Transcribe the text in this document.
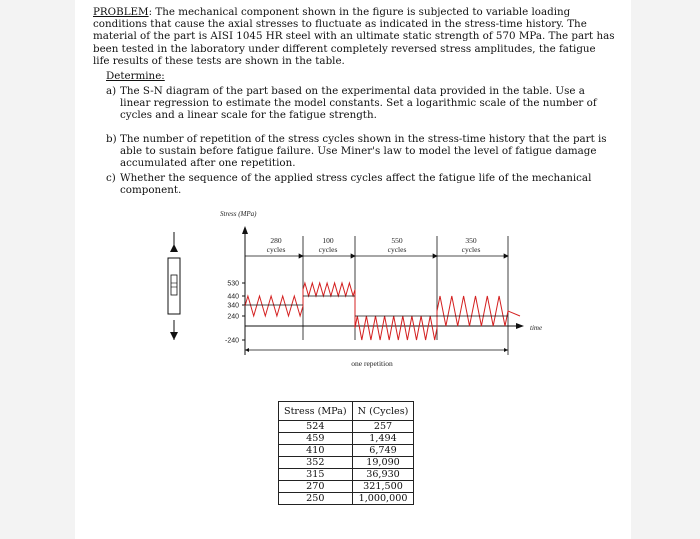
PROBLEM: The mechanical component shown in the figure is subjected to variable loading conditions that cause the axial stresses to fluctuate as indicated in the stress-time history. The material of the part is AISI 1045 HR steel with an ultimate static strength of 570 MPa. The part has been tested in the laboratory under different completely reversed stress amplitudes, the fatigue life results of these tests are shown in the table.
Determine:
a) The S-N diagram of the part based on the experimental data provided in the table. Use a linear regression to estimate the model constants. Set a logarithmic scale of the number of cycles and a linear scale for the fatigue strength.
b) The number of repetition of the stress cycles shown in the stress-time history that the part is able to sustain before fatigue failure. Use Miner's law to model the level of fatigue damage accumulated after one repetition.
c) Whether the sequence of the applied stress cycles affect the fatigue life of the mechanical component.
Stress (MPa)
time
530
440
340
240
-240
280
cycles
100
cycles
550
cycles
350
cycles
one repetition
Stress (MPa)	N (Cycles)
524	257
459	1,494
410	6,749
352	19,090
315	36,930
270	321,500
250	1,000,000
